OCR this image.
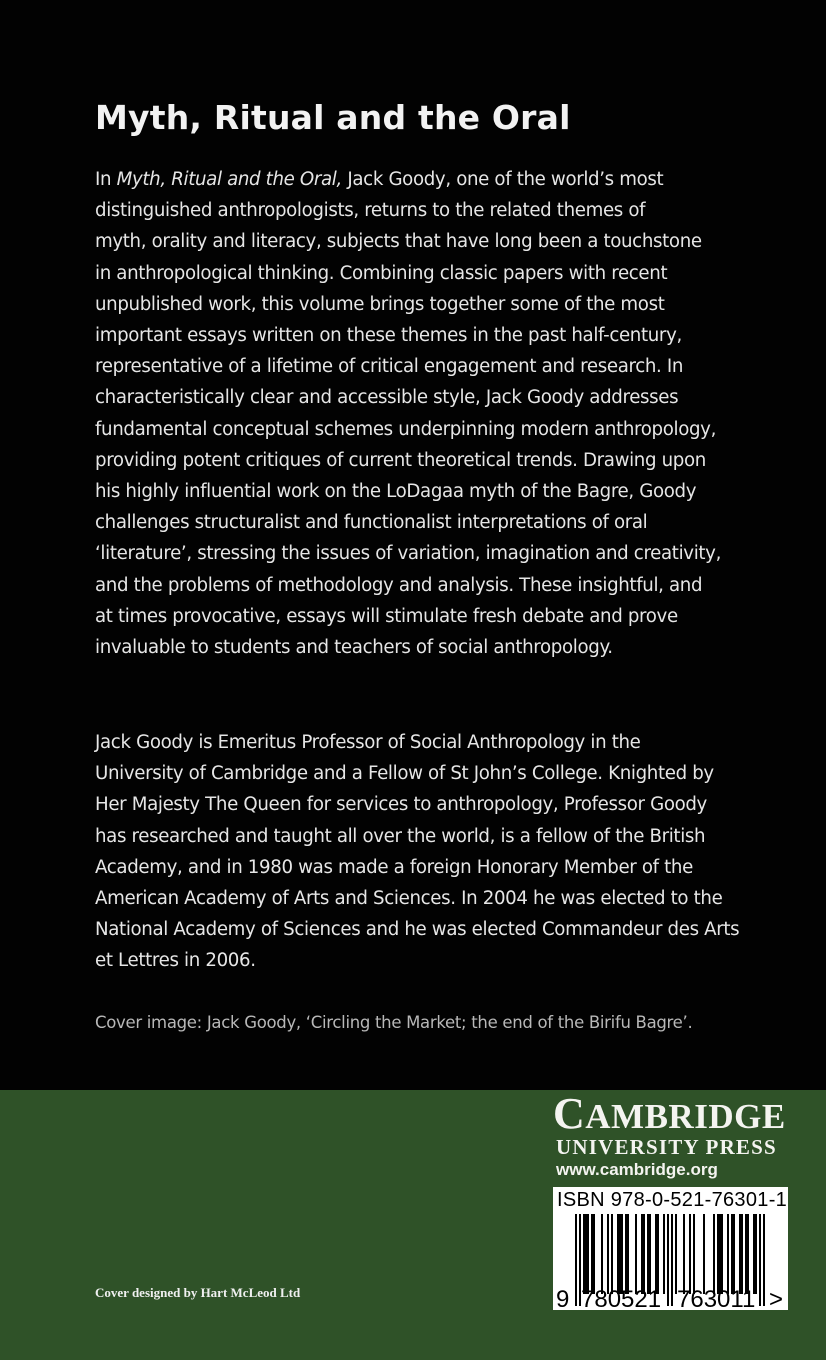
Myth, Ritual and the Oral
In Myth, Ritual and the Oral, Jack Goody, one of the world’s most
distinguished anthropologists, returns to the related themes of
myth, orality and literacy, subjects that have long been a touchstone
in anthropological thinking. Combining classic papers with recent
unpublished work, this volume brings together some of the most
important essays written on these themes in the past half-century,
representative of a lifetime of critical engagement and research. In
characteristically clear and accessible style, Jack Goody addresses
fundamental conceptual schemes underpinning modern anthropology,
providing potent critiques of current theoretical trends. Drawing upon
his highly influential work on the LoDagaa myth of the Bagre, Goody
challenges structuralist and functionalist interpretations of oral
‘literature’, stressing the issues of variation, imagination and creativity,
and the problems of methodology and analysis. These insightful, and
at times provocative, essays will stimulate fresh debate and prove
invaluable to students and teachers of social anthropology.
Jack Goody is Emeritus Professor of Social Anthropology in the
University of Cambridge and a Fellow of St John’s College. Knighted by
Her Majesty The Queen for services to anthropology, Professor Goody
has researched and taught all over the world, is a fellow of the British
Academy, and in 1980 was made a foreign Honorary Member of the
American Academy of Arts and Sciences. In 2004 he was elected to the
National Academy of Sciences and he was elected Commandeur des Arts
et Lettres in 2006.
Cover image: Jack Goody, ‘Circling the Market; the end of the Birifu Bagre’.
CAMBRIDGE
UNIVERSITY PRESS
www.cambridge.org
ISBN 978-0-521-76301-1
9 780521 763011 >
Cover designed by Hart McLeod Ltd
